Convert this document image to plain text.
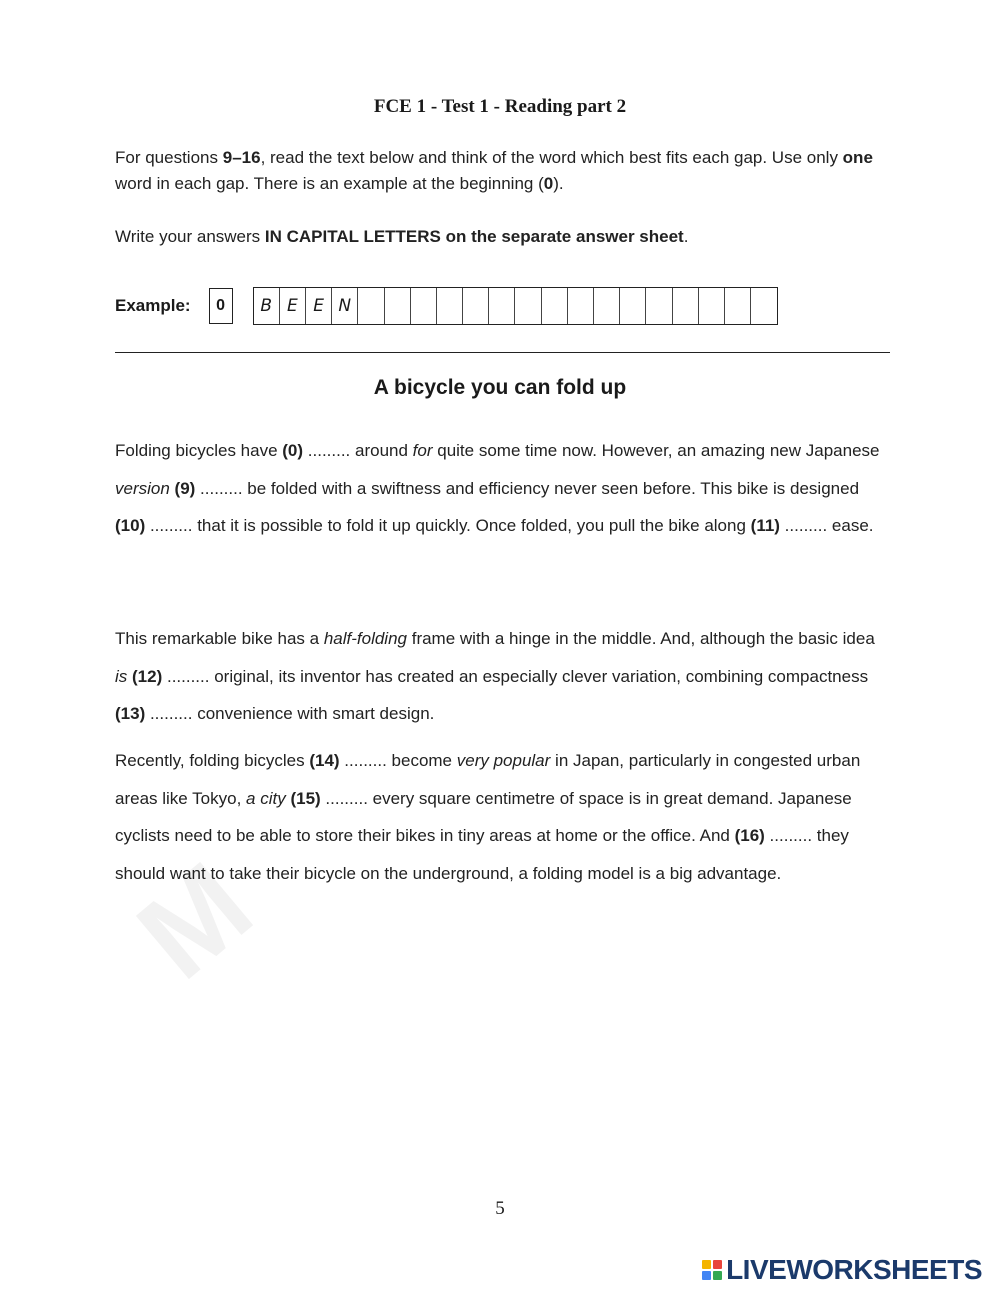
FCE 1 - Test 1 - Reading part 2

For questions 9–16, read the text below and think of the word which best fits each gap. Use only one word in each gap. There is an example at the beginning (0).

Write your answers IN CAPITAL LETTERS on the separate answer sheet.

Example:	0	B E E N
A bicycle you can fold up

Folding bicycles have (0) ......... around for quite some time now. However, an amazing new Japanese version (9) ......... be folded with a swiftness and efficiency never seen before. This bike is designed (10) ......... that it is possible to fold it up quickly. Once folded, you pull the bike along (11) ......... ease.

This remarkable bike has a half-folding frame with a hinge in the middle. And, although the basic idea is (12) ......... original, its inventor has created an especially clever variation, combining compactness (13) ......... convenience with smart design.

Recently, folding bicycles (14) ......... become very popular in Japan, particularly in congested urban areas like Tokyo, a city (15) ......... every square centimetre of space is in great demand. Japanese cyclists need to be able to store their bikes in tiny areas at home or the office. And (16) ......... they should want to take their bicycle on the underground, a folding model is a big advantage.

M
5
LIVEWORKSHEETS
